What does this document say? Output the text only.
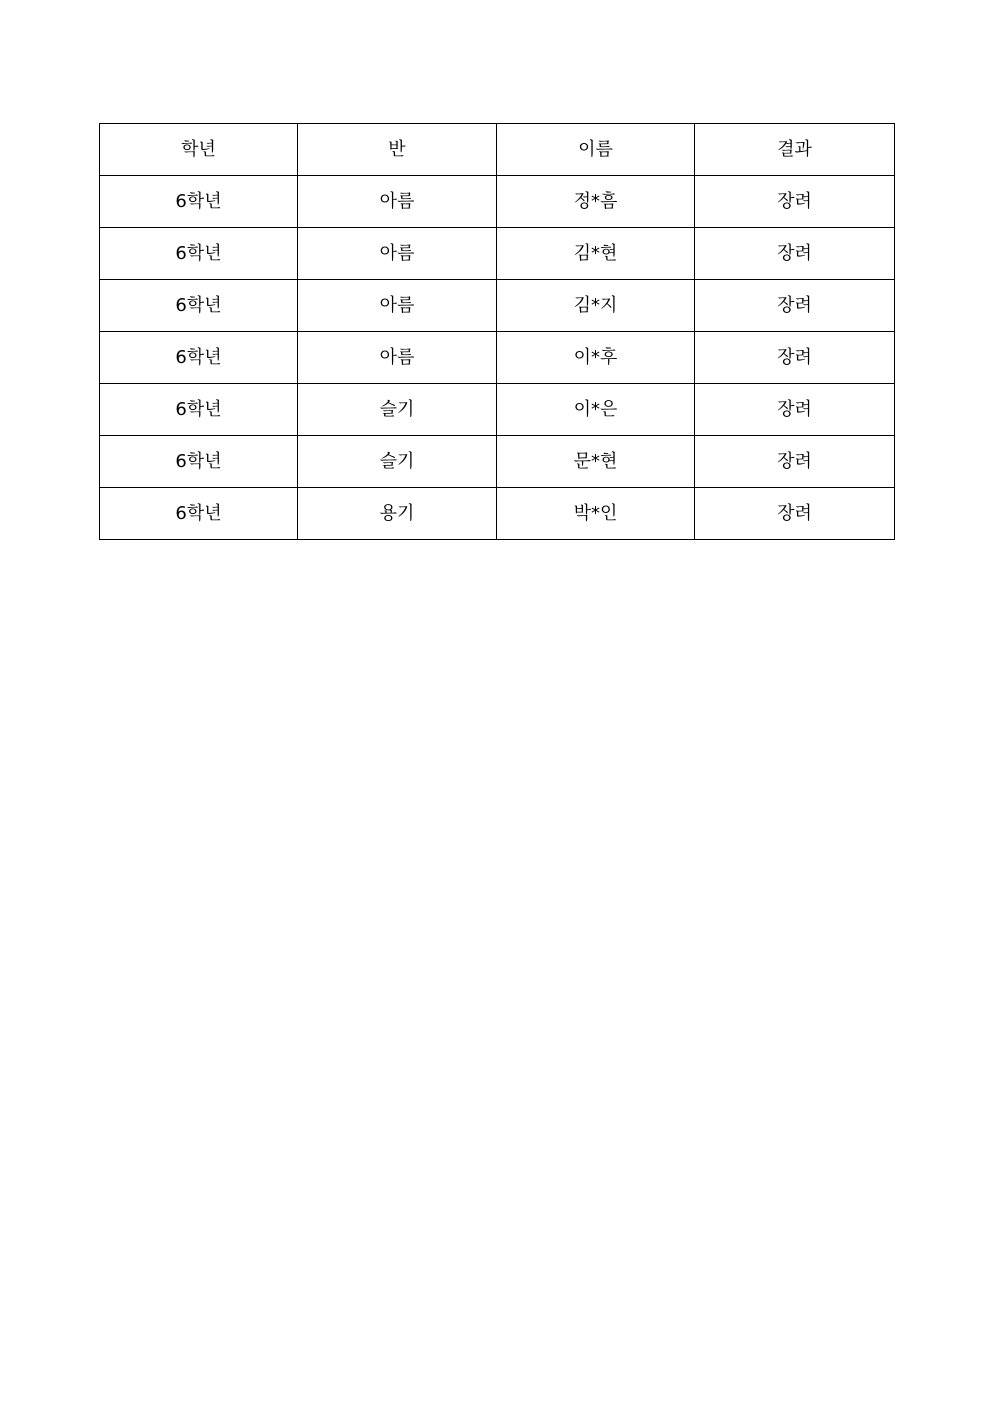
학년	반	이름	결과
6학년	아름	정*흠	장려
6학년	아름	김*현	장려
6학년	아름	김*지	장려
6학년	아름	이*후	장려
6학년	슬기	이*은	장려
6학년	슬기	문*현	장려
6학년	용기	박*인	장려
